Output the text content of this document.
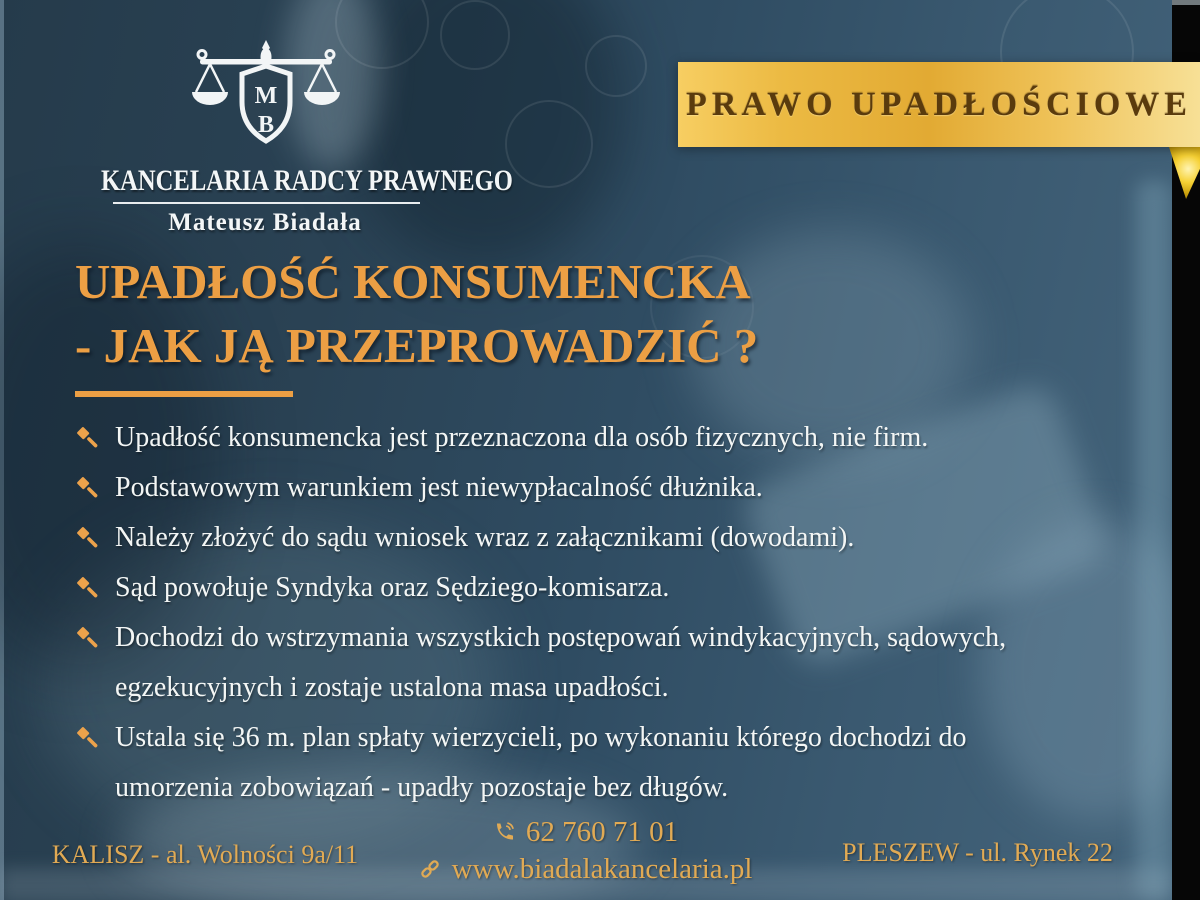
M
B
KANCELARIA RADCY PRAWNEGO
Mateusz Biadała
UPADŁOŚĆ KONSUMENCKA
- JAK JĄ PRZEPROWADZIĆ ?
Upadłość konsumencka jest przeznaczona dla osób fizycznych, nie firm.
Podstawowym warunkiem jest niewypłacalność dłużnika.
Należy złożyć do sądu wniosek wraz z załącznikami (dowodami).
Sąd powołuje Syndyka oraz Sędziego-komisarza.
Dochodzi do wstrzymania wszystkich postępowań windykacyjnych, sądowych, egzekucyjnych i zostaje ustalona masa upadłości.
Ustala się 36 m. plan spłaty wierzycieli, po wykonaniu którego dochodzi do umorzenia zobowiązań - upadły pozostaje bez długów.
KALISZ - al. Wolności 9a/11
62 760 71 01
www.biadalakancelaria.pl	PLESZEW - ul. Rynek 22
PRAWO UPADŁOŚCIOWE
